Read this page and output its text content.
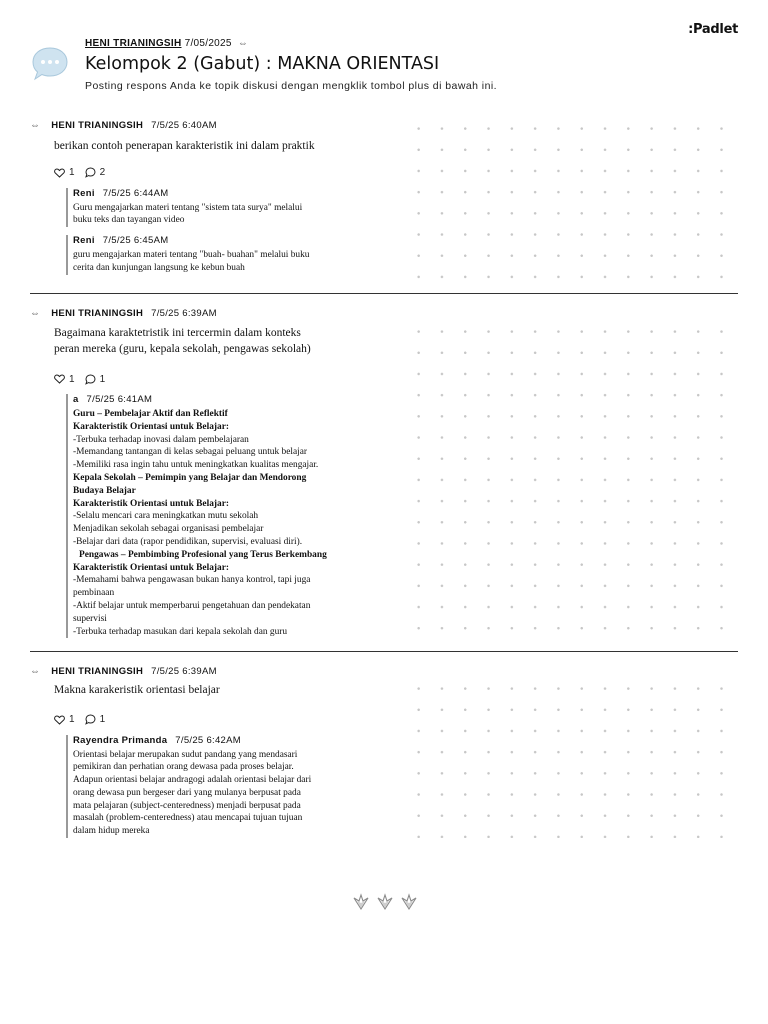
:Padlet
HENI TRIANINGSIH 7/05/2025 ⇔
Kelompok 2 (Gabut) : MAKNA ORIENTASI
Posting respons Anda ke topik diskusi dengan mengklik tombol plus di bawah ini.
⇔ HENI TRIANINGSIH 7/5/25 6:40AM
berikan contoh penerapan karakteristik ini dalam praktik
1	2
Reni 7/5/25 6:44AM
Guru mengajarkan materi tentang "sistem tata surya" melalui
buku teks dan tayangan video
Reni 7/5/25 6:45AM
guru mengajarkan materi tentang "buah- buahan" melalui buku
cerita dan kunjungan langsung ke kebun buah
⇔ HENI TRIANINGSIH 7/5/25 6:39AM
Bagaimana karaktetristik ini tercermin dalam konteks
peran mereka (guru, kepala sekolah, pengawas sekolah)
1	1
a 7/5/25 6:41AM
Guru – Pembelajar Aktif dan Reflektif
Karakteristik Orientasi untuk Belajar:
-Terbuka terhadap inovasi dalam pembelajaran
-Memandang tantangan di kelas sebagai peluang untuk belajar
-Memiliki rasa ingin tahu untuk meningkatkan kualitas mengajar.
Kepala Sekolah – Pemimpin yang Belajar dan Mendorong
Budaya Belajar
Karakteristik Orientasi untuk Belajar:
-Selalu mencari cara meningkatkan mutu sekolah
Menjadikan sekolah sebagai organisasi pembelajar
-Belajar dari data (rapor pendidikan, supervisi, evaluasi diri).
Pengawas – Pembimbing Profesional yang Terus Berkembang
Karakteristik Orientasi untuk Belajar:
-Memahami bahwa pengawasan bukan hanya kontrol, tapi juga
pembinaan
-Aktif belajar untuk memperbarui pengetahuan dan pendekatan
supervisi
-Terbuka terhadap masukan dari kepala sekolah dan guru
⇔ HENI TRIANINGSIH 7/5/25 6:39AM
Makna karakeristik orientasi belajar
1	1
Rayendra Primanda 7/5/25 6:42AM
Orientasi belajar merupakan sudut pandang yang mendasari
pemikiran dan perhatian orang dewasa pada proses belajar.
Adapun orientasi belajar andragogi adalah orientasi belajar dari
orang dewasa pun bergeser dari yang mulanya berpusat pada
mata pelajaran (subject-centeredness) menjadi berpusat pada
masalah (problem-centeredness) atau mencapai tujuan tujuan
dalam hidup mereka
